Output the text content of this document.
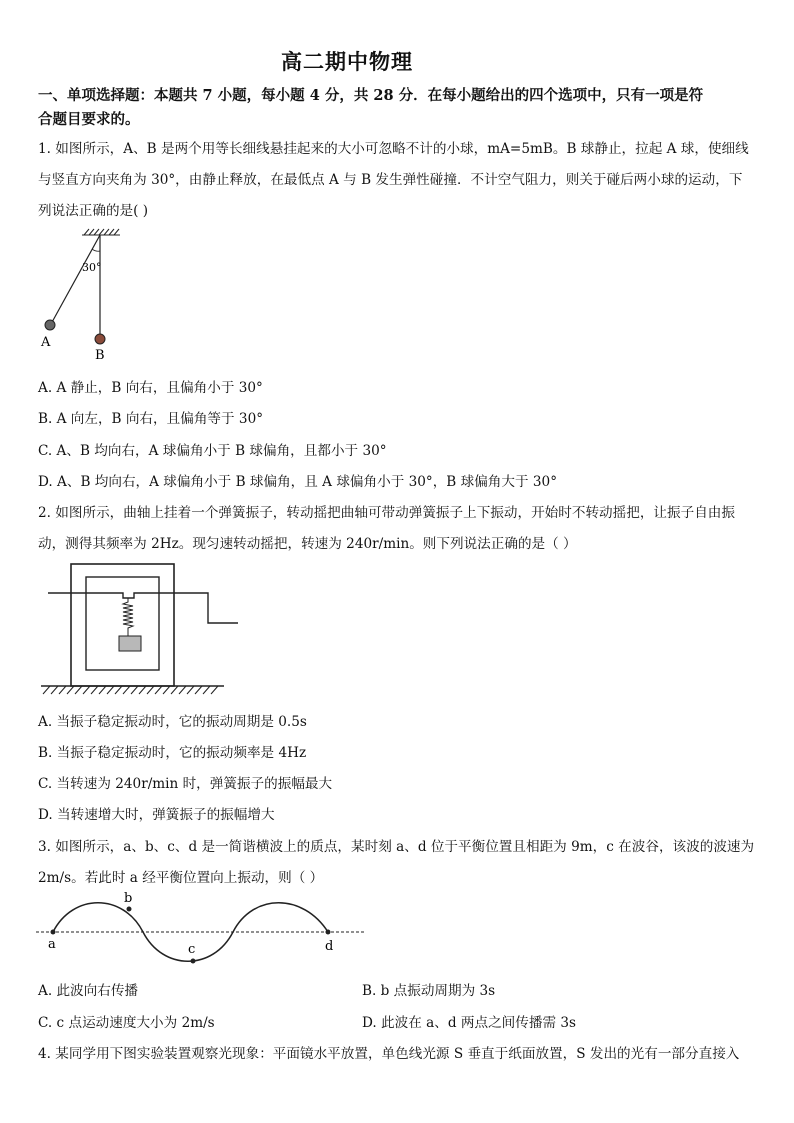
高二期中物理
一、单项选择题：本题共 7 小题，每小题 4 分，共 28 分．在每小题给出的四个选项中，只有一项是符
合题目要求的。
1. 如图所示，A、B 是两个用等长细线悬挂起来的大小可忽略不计的小球，mA=5mB。B 球静止，拉起 A 球，使细线
与竖直方向夹角为 30°，由静止释放，在最低点 A 与 B 发生弹性碰撞．不计空气阻力，则关于碰后两小球的运动，下
列说法正确的是( )
30°
A
B
A. A 静止，B 向右，且偏角小于 30°
B. A 向左，B 向右，且偏角等于 30°
C. A、B 均向右，A 球偏角小于 B 球偏角，且都小于 30°
D. A、B 均向右，A 球偏角小于 B 球偏角，且 A 球偏角小于 30°，B 球偏角大于 30°
2. 如图所示，曲轴上挂着一个弹簧振子，转动摇把曲轴可带动弹簧振子上下振动，开始时不转动摇把，让振子自由振
动，测得其频率为 2Hz。现匀速转动摇把，转速为 240r/min。则下列说法正确的是（ ）
A. 当振子稳定振动时，它的振动周期是 0.5s
B. 当振子稳定振动时，它的振动频率是 4Hz
C. 当转速为 240r/min 时，弹簧振子的振幅最大
D. 当转速增大时，弹簧振子的振幅增大
3. 如图所示，a、b、c、d 是一简谐横波上的质点，某时刻 a、d 位于平衡位置且相距为 9m，c 在波谷，该波的波速为
2m/s。若此时 a 经平衡位置向上振动，则（ ）
a
b
c	d
A. 此波向右传播	B. b 点振动周期为 3s
C. c 点运动速度大小为 2m/s	D. 此波在 a、d 两点之间传播需 3s
4. 某同学用下图实验装置观察光现象：平面镜水平放置，单色线光源 S 垂直于纸面放置，S 发出的光有一部分直接入
